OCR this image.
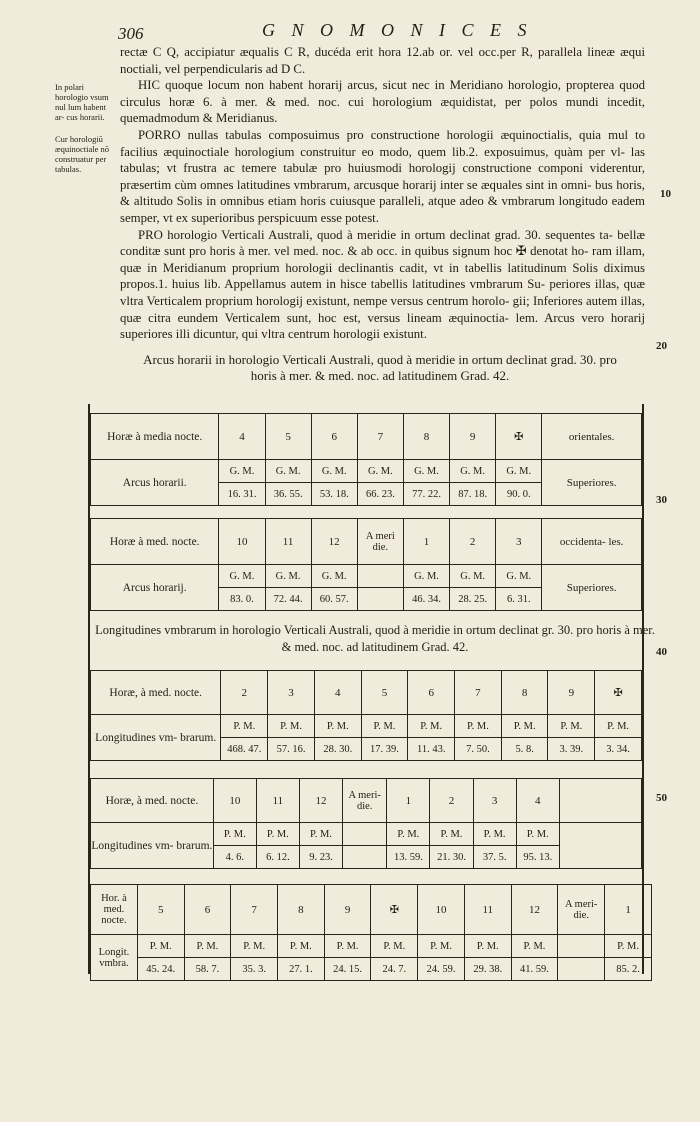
306	G N O M O N I C E S
In polari horologio vsum nul lum habent ar- cus horarii.
Cur horologiū æquinoctiale nō construatur per tabulas.
10
20
30
40
50

rectæ C Q, accipiatur æqualis C R, ducéda erit hora 12.ab or. vel occ.per R, parallela lineæ æqui noctiali, vel perpendicularis ad D C.

HIC quoque locum non habent horarij arcus, sicut nec in Meridiano horologio, propterea quod circulus horæ 6. à mer. & med. noc. cui horologium æquidistat, per polos mundi incedit, quemadmodum & Meridianus.

PORRO nullas tabulas composuimus pro constructione horologii æquinoctialis, quia mul to facilius æquinoctiale horologium construitur eo modo, quem lib.2. exposuimus, quàm per vl- las tabulas; vt frustra ac temere tabulæ pro huiusmodi horologij constructione componi viderentur, præsertim cùm omnes latitudines vmbrarum, arcusque horarij inter se æquales sint in omni- bus horis, & altitudo Solis in omnibus etiam horis cuiusque paralleli, atque adeo & vmbrarum longitudo eadem semper, vt ex superioribus perspicuum esse potest.

PRO horologio Verticali Australi, quod à meridie in ortum declinat grad. 30. sequentes ta- bellæ conditæ sunt pro horis à mer. vel med. noc. & ab occ. in quibus signum hoc ✠ denotat ho- ram illam, quæ in Meridianum proprium horologii declinantis cadit, vt in tabellis latitudinum Solis diximus propos.1. huius lib. Appellamus autem in hisce tabellis latitudines vmbrarum Su- periores illas, quæ vltra Verticalem proprium horologij existunt, nempe versus centrum horolo- gii; Inferiores autem illas, quæ citra eundem Verticalem sunt, hoc est, versus lineam æquinoctia- lem. Arcus vero horarij superiores illi dicuntur, qui vltra centrum horologii existunt.

Arcus horarii in horologio Verticali Australi, quod à meridie in ortum declinat grad. 30. pro horis à mer. & med. noc. ad latitudinem Grad. 42.
Horæ à media nocte.	4	5	6	7	8	9	✠	orientales.
Arcus horarii.	G. M.	G. M.	G. M.	G. M.	G. M.	G. M.	G. M.	Superiores.
	16. 31.	36. 55.	53. 18.	66. 23.	77. 22.	87. 18.	90. 0.	
Horæ à med. nocte.	10	11	12	A meri die.	1	2	3	occidenta- les.
Arcus horarij.	G. M.	G. M.	G. M.		G. M.	G. M.	G. M.	Superiores.
	83. 0.	72. 44.	60. 57.		46. 34.	28. 25.	6. 31.	
Longitudines vmbrarum in horologio Verticali Australi, quod à meridie in ortum declinat gr. 30. pro horis à mer. & med. noc. ad latitudinem Grad. 42.
Horæ, à med. nocte.	2	3	4	5	6	7	8	9	✠
Longitudines vm- brarum.	P. M.	P. M.	P. M.	P. M.	P. M.	P. M.	P. M.	P. M.	P. M.
	468. 47.	57. 16.	28. 30.	17. 39.	11. 43.	7. 50.	5. 8.	3. 39.	3. 34.
Horæ, à med. nocte.	10	11	12	A meri- die.	1	2	3	4	
Longitudines vm- brarum.	P. M.	P. M.	P. M.		P. M.	P. M.	P. M.	P. M.	
	4. 6.	6. 12.	9. 23.		13. 59.	21. 30.	37. 5.	95. 13.	
Hor. à med. nocte.	5	6	7	8	9	✠	10	11	12	A meri- die.	1
Longit. vmbra.	P. M.	P. M.	P. M.	P. M.	P. M.	P. M.	P. M.	P. M.	P. M.		P. M.
	45. 24.	58. 7.	35. 3.	27. 1.	24. 15.	24. 7.	24. 59.	29. 38.	41. 59.		85. 2.
